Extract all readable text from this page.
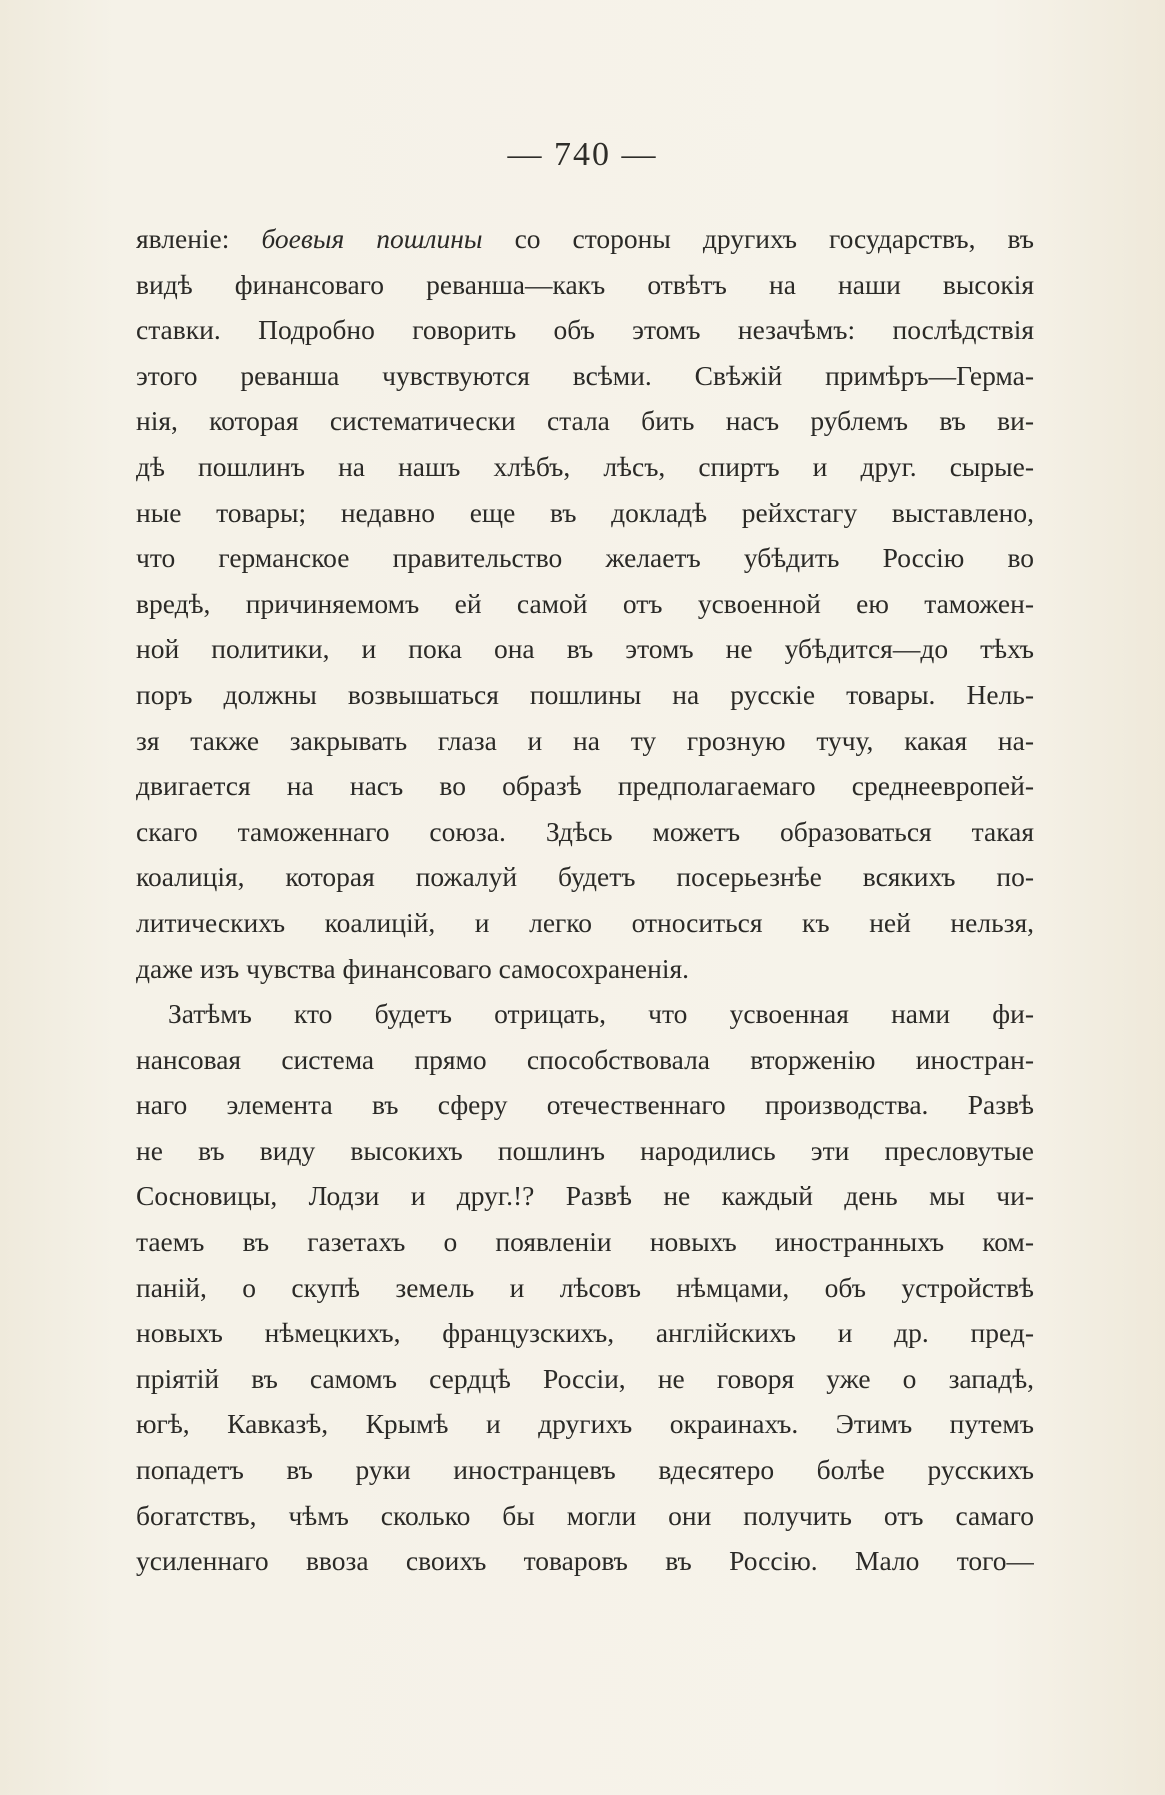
— 740 —
явленіе: боевыя пошлины со стороны другихъ государствъ, въ
видѣ финансоваго реванша—какъ отвѣтъ на наши высокія
ставки. Подробно говорить объ этомъ незачѣмъ: послѣдствія
этого реванша чувствуются всѣми. Свѣжій примѣръ—Герма-
нія, которая систематически стала бить насъ рублемъ въ ви-
дѣ пошлинъ на нашъ хлѣбъ, лѣсъ, спиртъ и друг. сырые-
ные товары; недавно еще въ докладѣ рейхстагу выставлено,
что германское правительство желаетъ убѣдить Россію во
вредѣ, причиняемомъ ей самой отъ усвоенной ею таможен-
ной политики, и пока она въ этомъ не убѣдится—до тѣхъ
поръ должны возвышаться пошлины на русскіе товары. Нель-
зя также закрывать глаза и на ту грозную тучу, какая на-
двигается на насъ во образѣ предполагаемаго среднеевропей-
скаго таможеннаго союза. Здѣсь можетъ образоваться такая
коалиція, которая пожалуй будетъ посерьезнѣе всякихъ по-
литическихъ коалицій, и легко относиться къ ней нельзя,
даже изъ чувства финансоваго самосохраненія.
Затѣмъ кто будетъ отрицать, что усвоенная нами фи-
нансовая система прямо способствовала вторженію иностран-
наго элемента въ сферу отечественнаго производства. Развѣ
не въ виду высокихъ пошлинъ народились эти пресловутые
Сосновицы, Лодзи и друг.!? Развѣ не каждый день мы чи-
таемъ въ газетахъ о появленіи новыхъ иностранныхъ ком-
паній, о скупѣ земель и лѣсовъ нѣмцами, объ устройствѣ
новыхъ нѣмецкихъ, французскихъ, англійскихъ и др. пред-
пріятій въ самомъ сердцѣ Россіи, не говоря уже о западѣ,
югѣ, Кавказѣ, Крымѣ и другихъ окраинахъ. Этимъ путемъ
попадетъ въ руки иностранцевъ вдесятеро болѣе русскихъ
богатствъ, чѣмъ сколько бы могли они получить отъ самаго
усиленнаго ввоза своихъ товаровъ въ Россію. Мало того—
